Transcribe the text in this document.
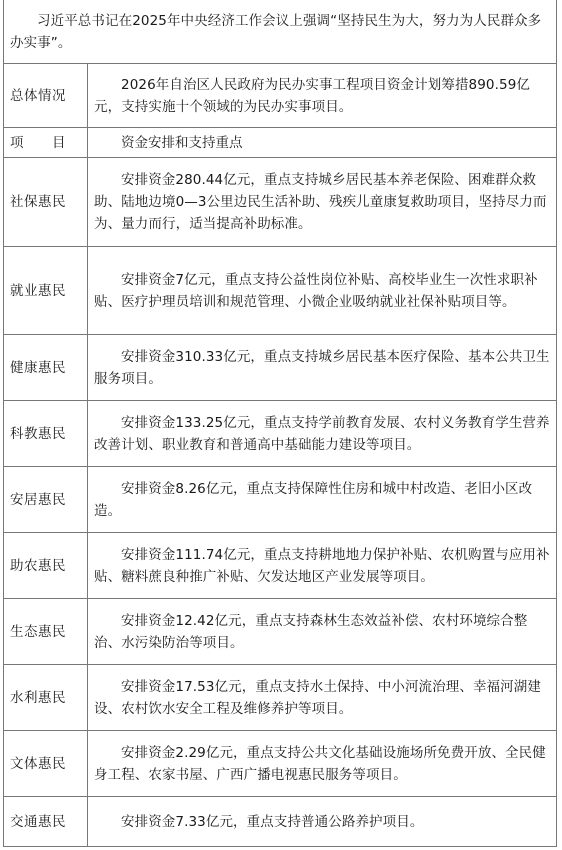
习近平总书记在2025年中央经济工作会议上强调“坚持民生为大，努力为人民群众多办实事”。
总体情况	2026年自治区人民政府为民办实事工程项目资金计划筹措890.59亿元，支持实施十个领域的为民办实事项目。
项　　目	资金安排和支持重点
社保惠民	安排资金280.44亿元，重点支持城乡居民基本养老保险、困难群众救助、陆地边境0—3公里边民生活补助、残疾儿童康复救助项目，坚持尽力而为、量力而行，适当提高补助标准。
就业惠民	安排资金7亿元，重点支持公益性岗位补贴、高校毕业生一次性求职补贴、医疗护理员培训和规范管理、小微企业吸纳就业社保补贴项目等。
健康惠民	安排资金310.33亿元，重点支持城乡居民基本医疗保险、基本公共卫生服务项目。
科教惠民	安排资金133.25亿元，重点支持学前教育发展、农村义务教育学生营养改善计划、职业教育和普通高中基础能力建设等项目。
安居惠民	安排资金8.26亿元，重点支持保障性住房和城中村改造、老旧小区改造。
助农惠民	安排资金111.74亿元，重点支持耕地地力保护补贴、农机购置与应用补贴、糖料蔗良种推广补贴、欠发达地区产业发展等项目。
生态惠民	安排资金12.42亿元，重点支持森林生态效益补偿、农村环境综合整治、水污染防治等项目。
水利惠民	安排资金17.53亿元，重点支持水土保持、中小河流治理、幸福河湖建设、农村饮水安全工程及维修养护等项目。
文体惠民	安排资金2.29亿元，重点支持公共文化基础设施场所免费开放、全民健身工程、农家书屋、广西广播电视惠民服务等项目。
交通惠民	安排资金7.33亿元，重点支持普通公路养护项目。
